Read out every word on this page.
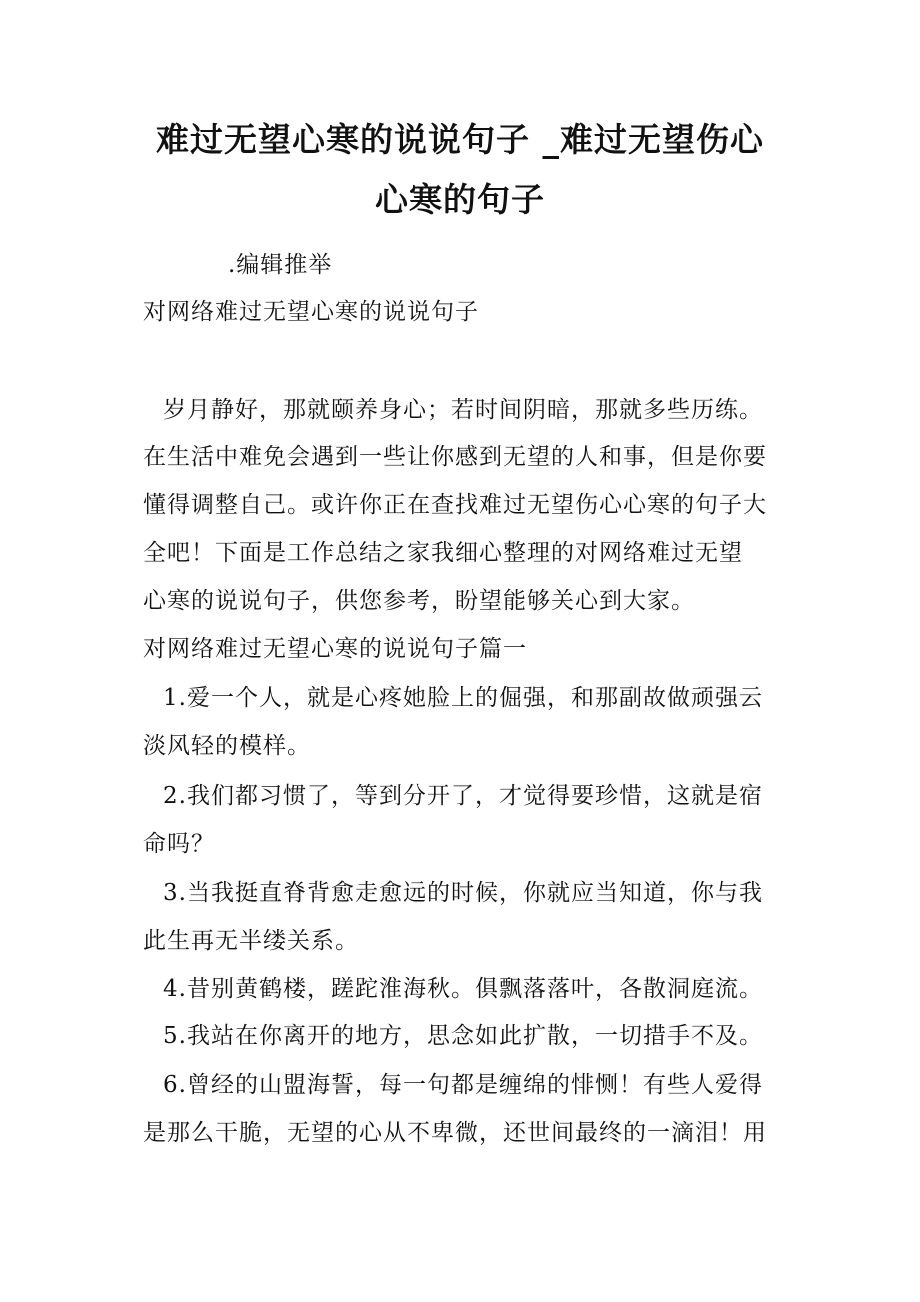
难过无望心寒的说说句子 _难过无望伤心
心寒的句子
.编辑推举
对网络难过无望心寒的说说句子
岁月静好，那就颐养身心；若时间阴暗，那就多些历练。
在生活中难免会遇到一些让你感到无望的人和事，但是你要
懂得调整自己。或许你正在查找难过无望伤心心寒的句子大
全吧！下面是工作总结之家我细心整理的对网络难过无望
心寒的说说句子，供您参考，盼望能够关心到大家。
对网络难过无望心寒的说说句子篇一
1.爱一个人，就是心疼她脸上的倔强，和那副故做顽强云
淡风轻的模样。
2.我们都习惯了，等到分开了，才觉得要珍惜，这就是宿
命吗？
3.当我挺直脊背愈走愈远的时候，你就应当知道，你与我
此生再无半缕关系。
4.昔别黄鹤楼，蹉跎淮海秋。俱飘落落叶，各散洞庭流。
5.我站在你离开的地方，思念如此扩散，一切措手不及。
6.曾经的山盟海誓，每一句都是缠绵的悱恻！有些人爱得
是那么干脆，无望的心从不卑微，还世间最终的一滴泪！用
